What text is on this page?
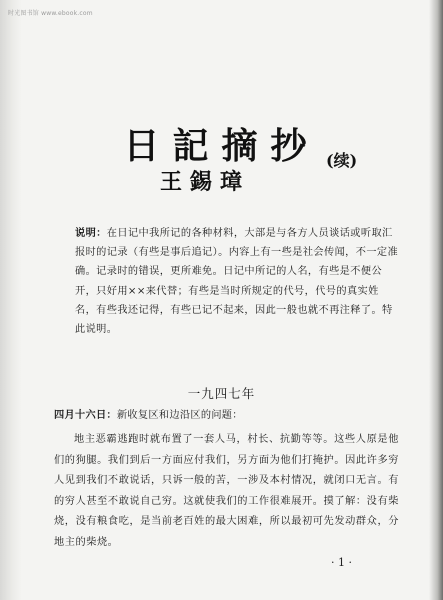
时光图书馆 www.ebook.com
日記摘抄 (续)
王錫璋

说明：在日记中我所记的各种材料，大部是与各方人员谈话或听取汇报时的记录（有些是事后追记）。内容上有一些是社会传闻，不一定准确。记录时的错误，更所难免。日记中所记的人名，有些是不便公开，只好用××来代替；有些是当时所规定的代号，代号的真实姓名，有些我还记得，有些已记不起来，因此一般也就不再注释了。特此说明。

一九四七年

四月十六日：新收复区和边沿区的问题：

地主恶霸逃跑时就布置了一套人马，村长、抗勤等等。这些人原是他们的狗腿。我们到后一方面应付我们，另方面为他们打掩护。因此许多穷人见到我们不敢说话，只诉一般的苦，一涉及本村情况，就闭口无言。有的穷人甚至不敢说自己穷。这就使我们的工作很难展开。摸了解：没有柴烧，没有粮食吃，是当前老百姓的最大困难，所以最初可先发动群众，分地主的柴烧。

· 1 ·
